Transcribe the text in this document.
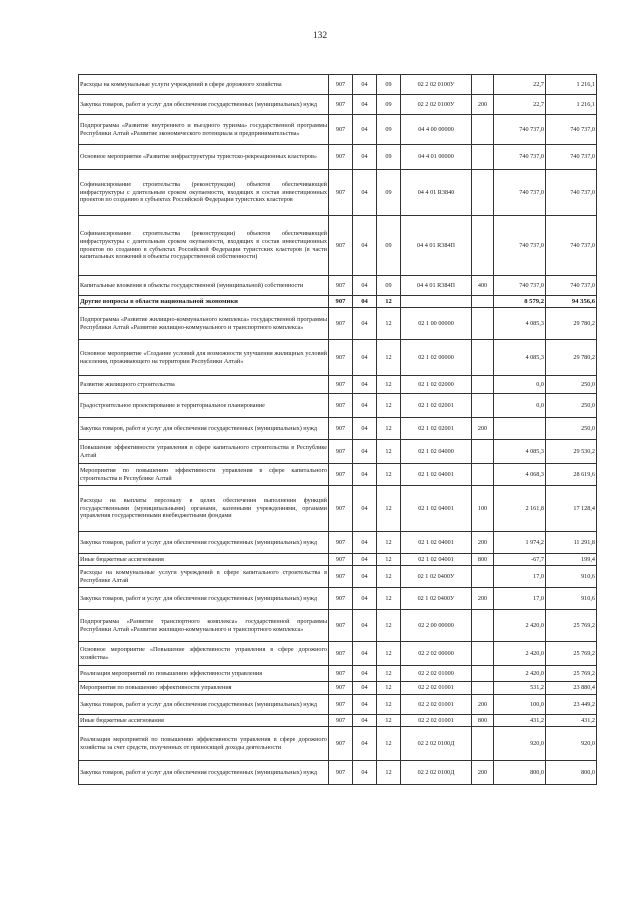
132
Расходы на коммунальные услуги учреждений в сфере дорожного хозяйства	907	04	09	02 2 02 0100У		22,7	1 216,1
Закупка товаров, работ и услуг для обеспечения государственных (муниципальных) нужд	907	04	09	02 2 02 0100У	200	22,7	1 216,1
Подпрограмма «Развитие внутреннего и въездного туризма» государственной программы Республики Алтай «Развитие экономического потенциала и предпринимательства»	907	04	09	04 4 00 00000		740 737,0	740 737,0
Основное мероприятие «Развитие инфраструктуры туристско-рекреационных кластеров»	907	04	09	04 4 01 00000		740 737,0	740 737,0
Софинансирование строительства (реконструкции) объектов обеспечивающей инфраструктуры с длительным сроком окупаемости, входящих в состав инвестиционных проектов по созданию в субъектах Российской Федерации туристских кластеров	907	04	09	04 4 01 R3840		740 737,0	740 737,0
Софинансирование строительства (реконструкции) объектов обеспечивающей инфраструктуры с длительным сроком окупаемости, входящих в состав инвестиционных проектов по созданию в субъектах Российской Федерации туристских кластеров (в части капитальных вложений в объекты государственной собственности)	907	04	09	04 4 01 R384П		740 737,0	740 737,0
Капитальные вложения в объекты государственной (муниципальной) собственности	907	04	09	04 4 01 R384П	400	740 737,0	740 737,0
Другие вопросы в области национальной экономики	907	04	12			8 579,2	94 356,6
Подпрограмма «Развитие жилищно-коммунального комплекса» государственной программы Республики Алтай «Развитие жилищно-коммунального и транспортного комплекса»	907	04	12	02 1 00 00000		4 085,3	29 780,2
Основное мероприятие «Создание условий для возможности улучшения жилищных условий населения, проживающего на территории Республики Алтай»	907	04	12	02 1 02 00000		4 085,3	29 780,2
Развитие жилищного строительства	907	04	12	02 1 02 02000		0,0	250,0
Градостроительное проектирование и территориальное планирование	907	04	12	02 1 02 02001		0,0	250,0
Закупка товаров, работ и услуг для обеспечения государственных (муниципальных) нужд	907	04	12	02 1 02 02001	200		250,0
Повышение эффективности управления в сфере капитального строительства в Республике Алтай	907	04	12	02 1 02 04000		4 085,3	29 530,2
Мероприятия по повышению эффективности управления в сфере капитального строительства в Республике Алтай	907	04	12	02 1 02 04001		4 068,3	28 619,6
Расходы на выплаты персоналу в целях обеспечения выполнения функций государственными (муниципальными) органами, казенными учреждениями, органами управления государственными внебюджетными фондами	907	04	12	02 1 02 04001	100	2 161,8	17 128,4
Закупка товаров, работ и услуг для обеспечения государственных (муниципальных) нужд	907	04	12	02 1 02 04001	200	1 974,2	11 291,8
Иные бюджетные ассигнования	907	04	12	02 1 02 04001	800	-67,7	199,4
Расходы на коммунальные услуги учреждений в сфере капитального строительства в Республике Алтай	907	04	12	02 1 02 0400У		17,0	910,6
Закупка товаров, работ и услуг для обеспечения государственных (муниципальных) нужд	907	04	12	02 1 02 0400У	200	17,0	910,6
Подпрограмма «Развитие транспортного комплекса» государственной программы Республики Алтай «Развитие жилищно-коммунального и транспортного комплекса»	907	04	12	02 2 00 00000		2 420,0	25 769,2
Основное мероприятие «Повышение эффективности управления в сфере дорожного хозяйства»	907	04	12	02 2 02 00000		2 420,0	25 769,2
Реализация мероприятий по повышению эффективности управления	907	04	12	02 2 02 01000		2 420,0	25 769,2
Мероприятия по повышению эффективности управления	907	04	12	02 2 02 01001		531,2	23 880,4
Закупка товаров, работ и услуг для обеспечения государственных (муниципальных) нужд	907	04	12	02 2 02 01001	200	100,0	23 449,2
Иные бюджетные ассигнования	907	04	12	02 2 02 01001	800	431,2	431,2
Реализация мероприятий по повышению эффективности управления в сфере дорожного хозяйства за счет средств, полученных от приносящей доходы деятельности	907	04	12	02 2 02 0100Д		920,0	920,0
Закупка товаров, работ и услуг для обеспечения государственных (муниципальных) нужд	907	04	12	02 2 02 0100Д	200	800,0	800,0
